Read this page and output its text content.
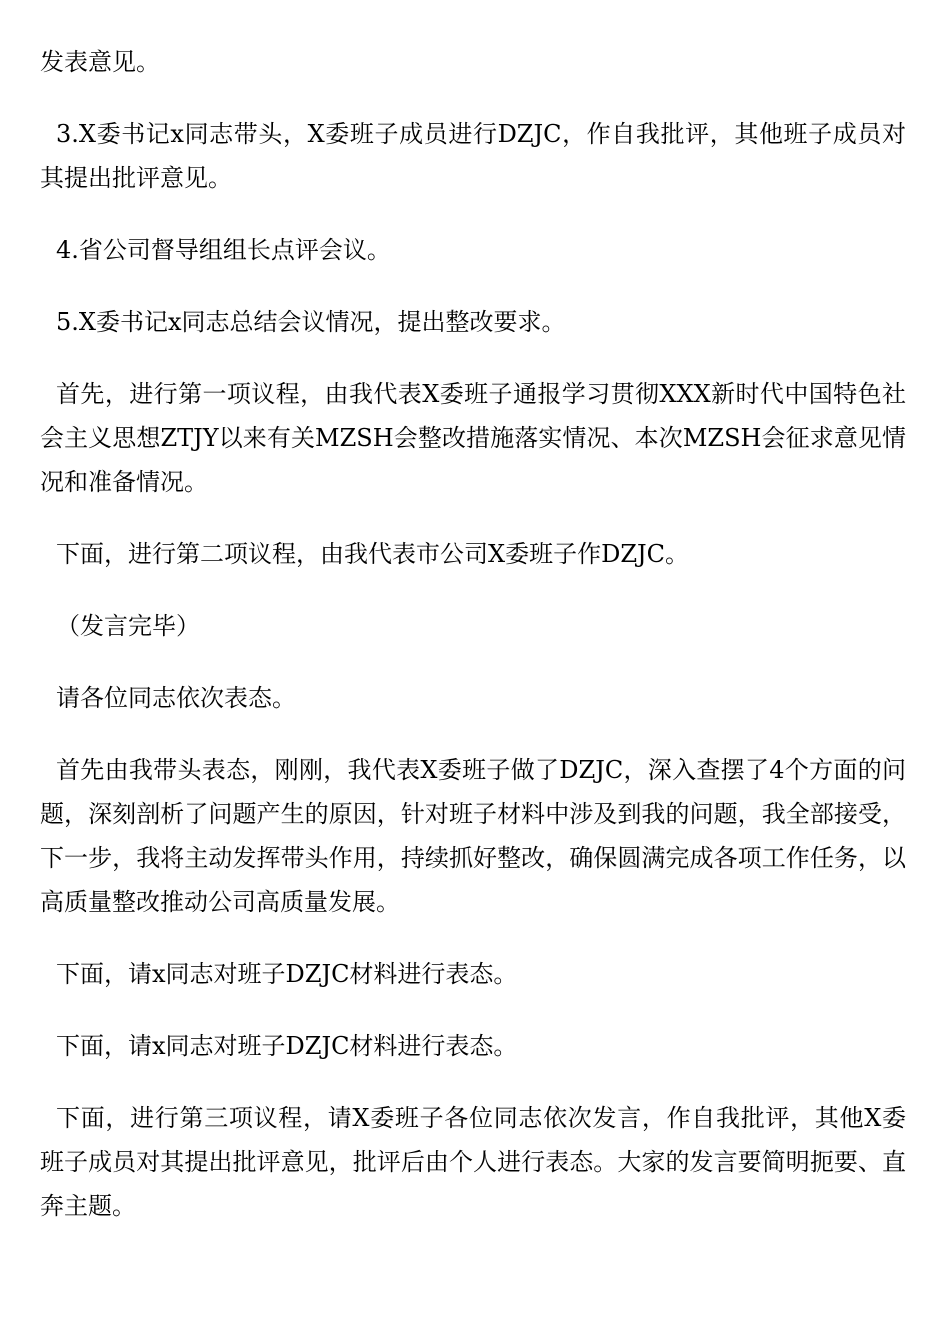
发表意见。

3.X委书记x同志带头，X委班子成员进行DZJC，作自我批评，其他班子成员对其提出批评意见。

4.省公司督导组组长点评会议。

5.X委书记x同志总结会议情况，提出整改要求。

首先，进行第一项议程，由我代表X委班子通报学习贯彻XXX新时代中国特色社会主义思想ZTJY以来有关MZSH会整改措施落实情况、本次MZSH会征求意见情况和准备情况。

下面，进行第二项议程，由我代表市公司X委班子作DZJC。

（发言完毕）

请各位同志依次表态。

首先由我带头表态，刚刚，我代表X委班子做了DZJC，深入查摆了4个方面的问题，深刻剖析了问题产生的原因，针对班子材料中涉及到我的问题，我全部接受，下一步，我将主动发挥带头作用，持续抓好整改，确保圆满完成各项工作任务，以高质量整改推动公司高质量发展。

下面，请x同志对班子DZJC材料进行表态。

下面，请x同志对班子DZJC材料进行表态。

下面，进行第三项议程，请X委班子各位同志依次发言，作自我批评，其他X委班子成员对其提出批评意见，批评后由个人进行表态。大家的发言要简明扼要、直奔主题。
